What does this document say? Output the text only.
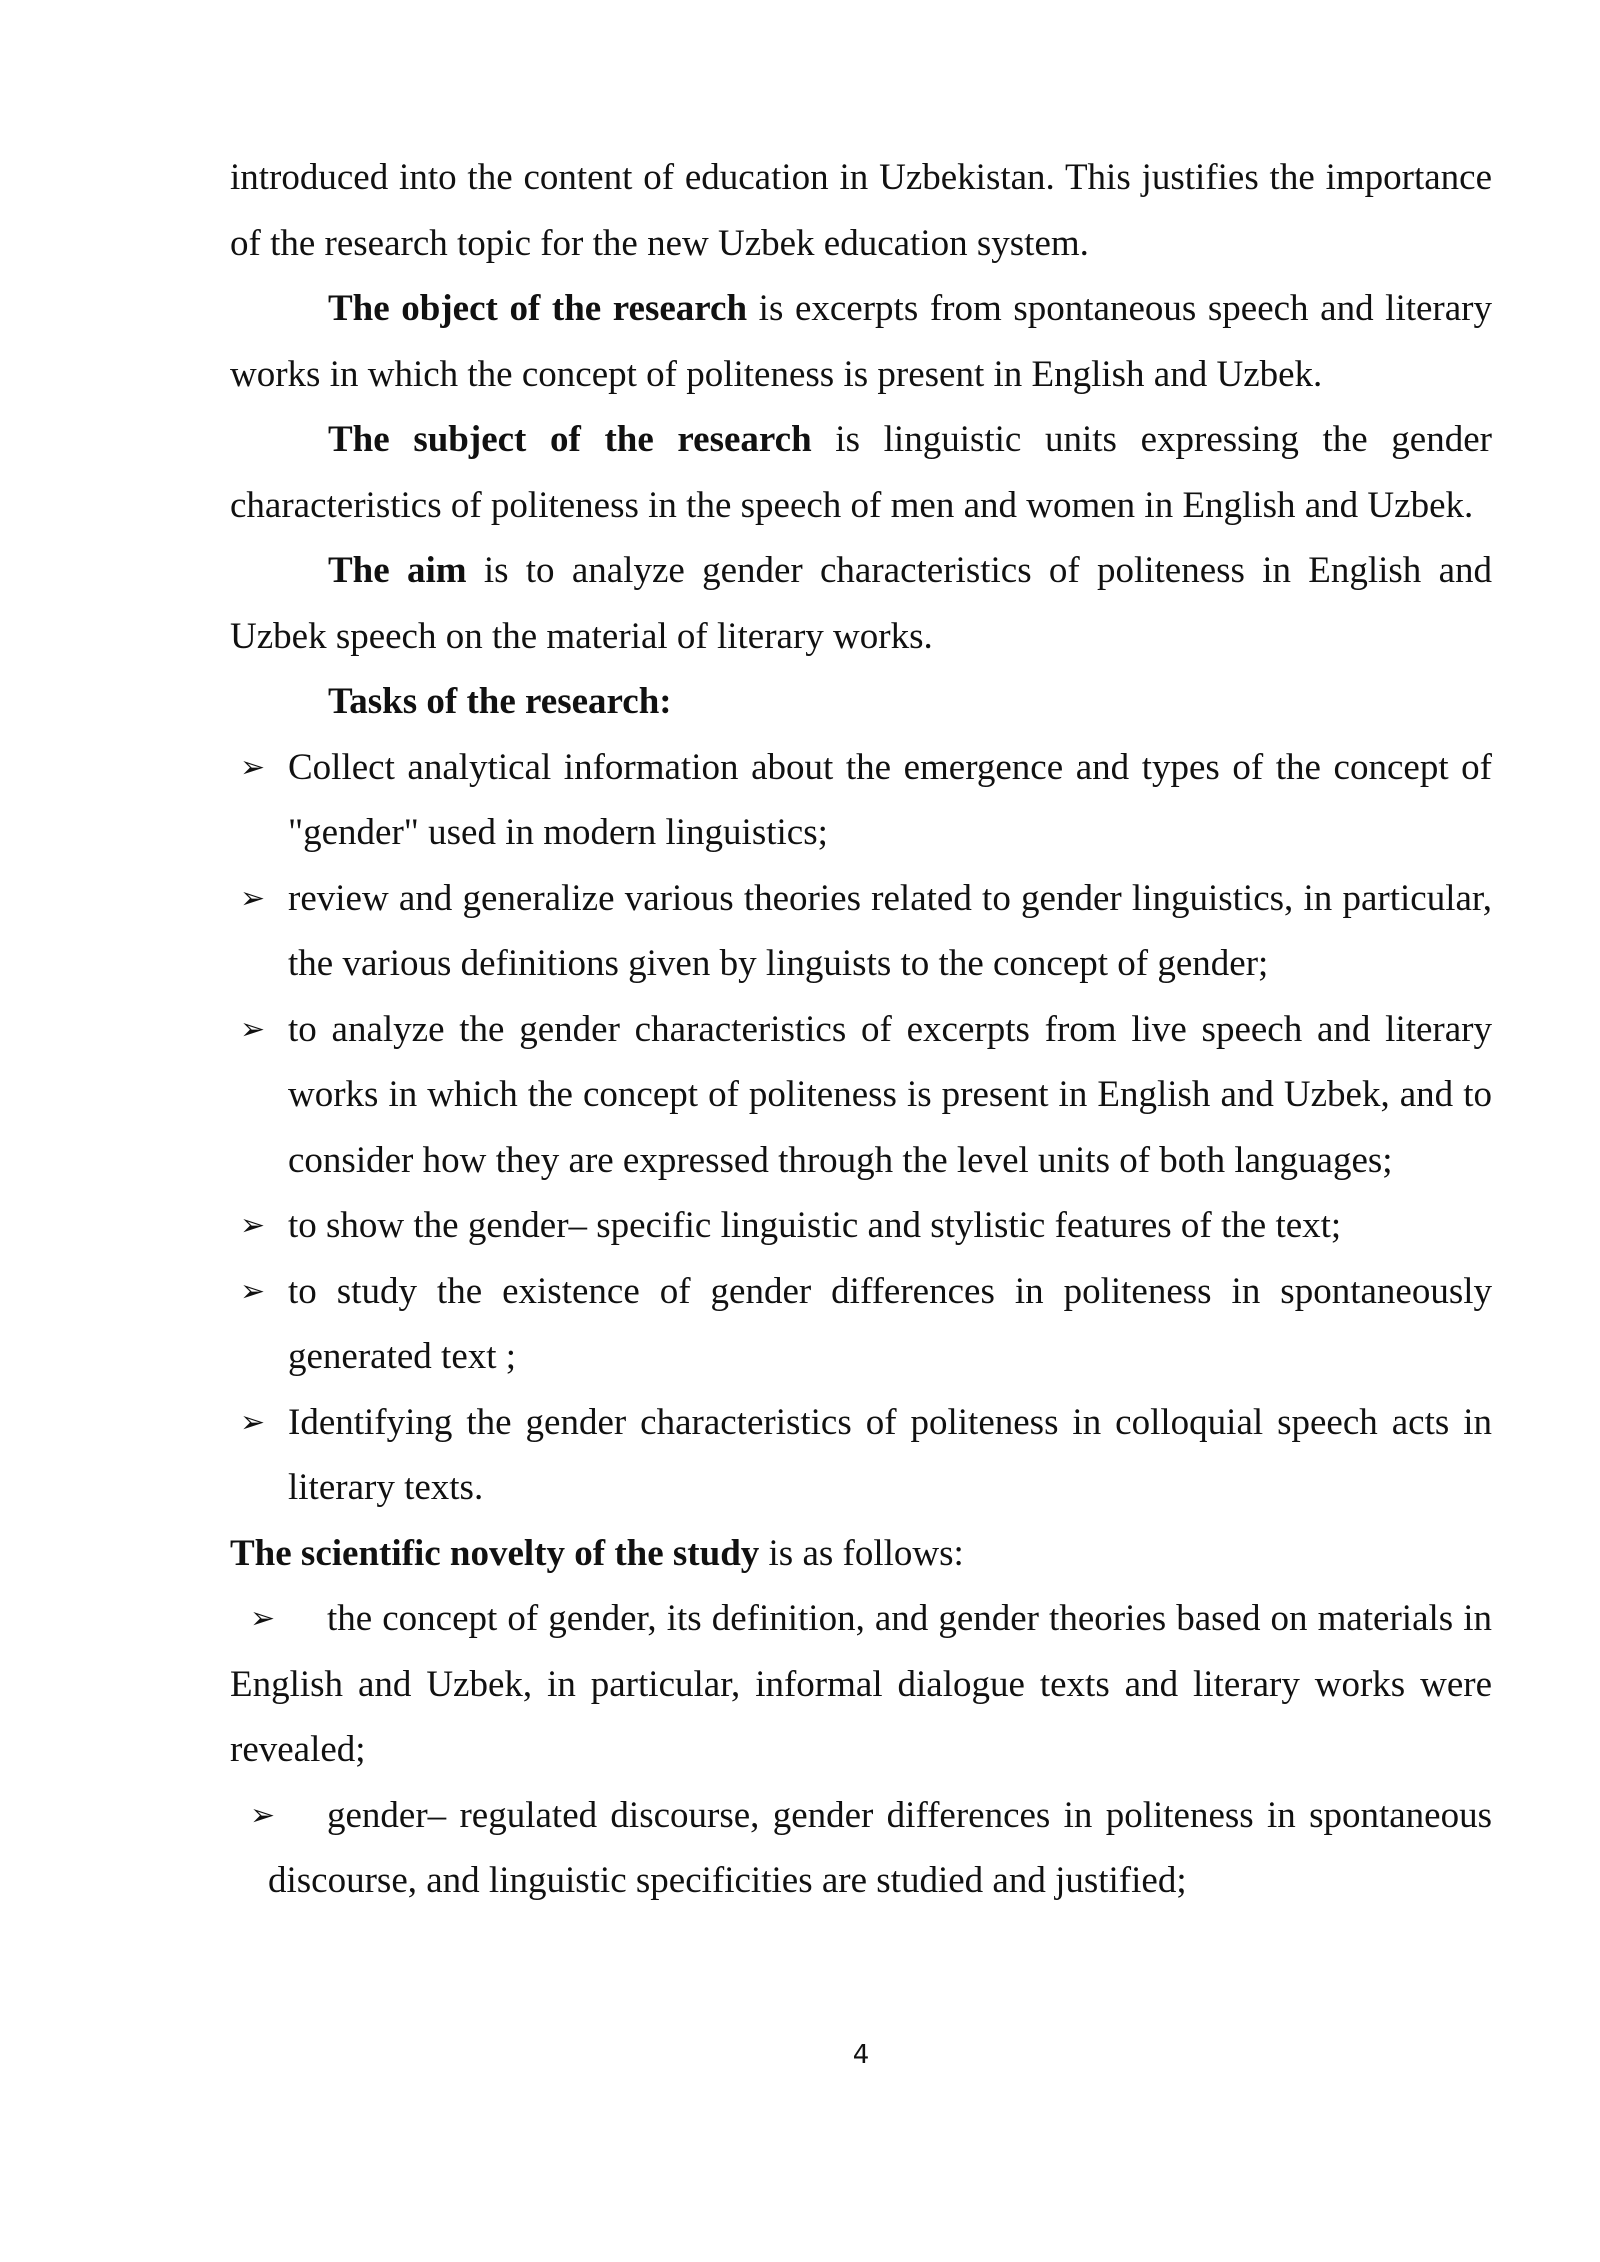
introduced into the content of education in Uzbekistan. This justifies the importance of the research topic for the new Uzbek education system.

The object of the research is excerpts from spontaneous speech and literary works in which the concept of politeness is present in English and Uzbek.

The subject of the research is linguistic units expressing the gender characteristics of politeness in the speech of men and women in English and Uzbek.

The aim is to analyze gender characteristics of politeness in English and Uzbek speech on the material of literary works.

Tasks of the research:

➢ Collect analytical information about the emergence and types of the concept of "gender" used in modern linguistics;
➢ review and generalize various theories related to gender linguistics, in particular, the various definitions given by linguists to the concept of gender;
➢ to analyze the gender characteristics of excerpts from live speech and literary works in which the concept of politeness is present in English and Uzbek, and to consider how they are expressed through the level units of both languages;
➢ to show the gender– specific linguistic and stylistic features of the text;
➢ to study the existence of gender differences in politeness in spontaneously generated text ;
➢ Identifying the gender characteristics of politeness in colloquial speech acts in literary texts.

The scientific novelty of the study is as follows:

➢ the concept of gender, its definition, and gender theories based on materials in English and Uzbek, in particular, informal dialogue texts and literary works were revealed;

➢ gender– regulated discourse, gender differences in politeness in spontaneous discourse, and linguistic specificities are studied and justified;

4
